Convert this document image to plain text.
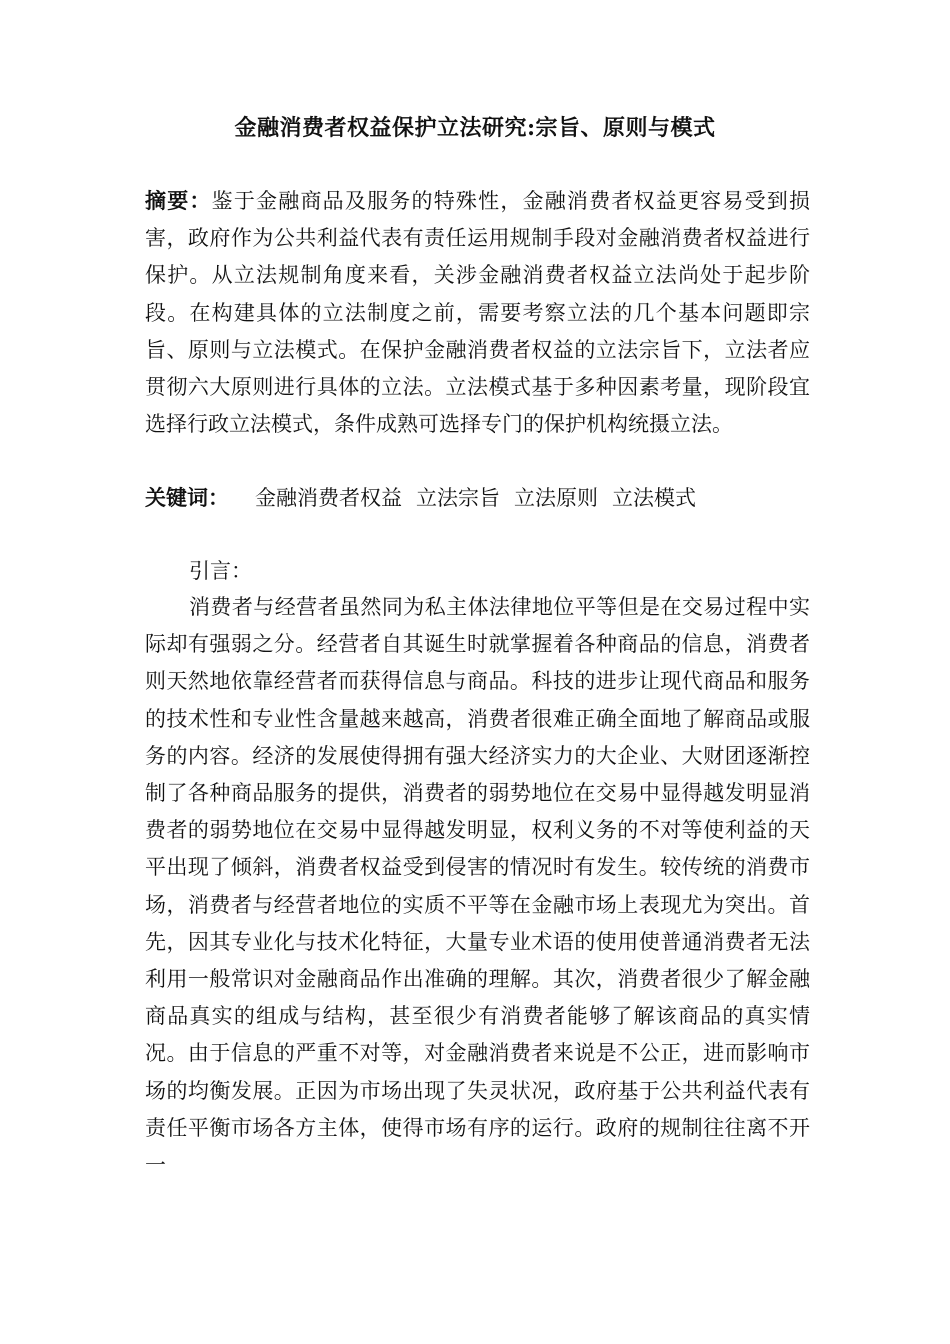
金融消费者权益保护立法研究:宗旨、原则与模式

摘要：鉴于金融商品及服务的特殊性，金融消费者权益更容易受到损害，政府作为公共利益代表有责任运用规制手段对金融消费者权益进行保护。从立法规制角度来看，关涉金融消费者权益立法尚处于起步阶段。在构建具体的立法制度之前，需要考察立法的几个基本问题即宗旨、原则与立法模式。在保护金融消费者权益的立法宗旨下，立法者应贯彻六大原则进行具体的立法。立法模式基于多种因素考量，现阶段宜选择行政立法模式，条件成熟可选择专门的保护机构统摄立法。

关键词： 金融消费者权益 立法宗旨 立法原则 立法模式
引言：

消费者与经营者虽然同为私主体法律地位平等但是在交易过程中实际却有强弱之分。经营者自其诞生时就掌握着各种商品的信息，消费者则天然地依靠经营者而获得信息与商品。科技的进步让现代商品和服务的技术性和专业性含量越来越高，消费者很难正确全面地了解商品或服务的内容。经济的发展使得拥有强大经济实力的大企业、大财团逐渐控制了各种商品服务的提供，消费者的弱势地位在交易中显得越发明显消费者的弱势地位在交易中显得越发明显，权利义务的不对等使利益的天平出现了倾斜，消费者权益受到侵害的情况时有发生。较传统的消费市场，消费者与经营者地位的实质不平等在金融市场上表现尤为突出。首先，因其专业化与技术化特征，大量专业术语的使用使普通消费者无法利用一般常识对金融商品作出准确的理解。其次，消费者很少了解金融商品真实的组成与结构，甚至很少有消费者能够了解该商品的真实情况。由于信息的严重不对等，对金融消费者来说是不公正，进而影响市场的均衡发展。正因为市场出现了失灵状况，政府基于公共利益代表有责任平衡市场各方主体，使得市场有序的运行。政府的规制往往离不开一
